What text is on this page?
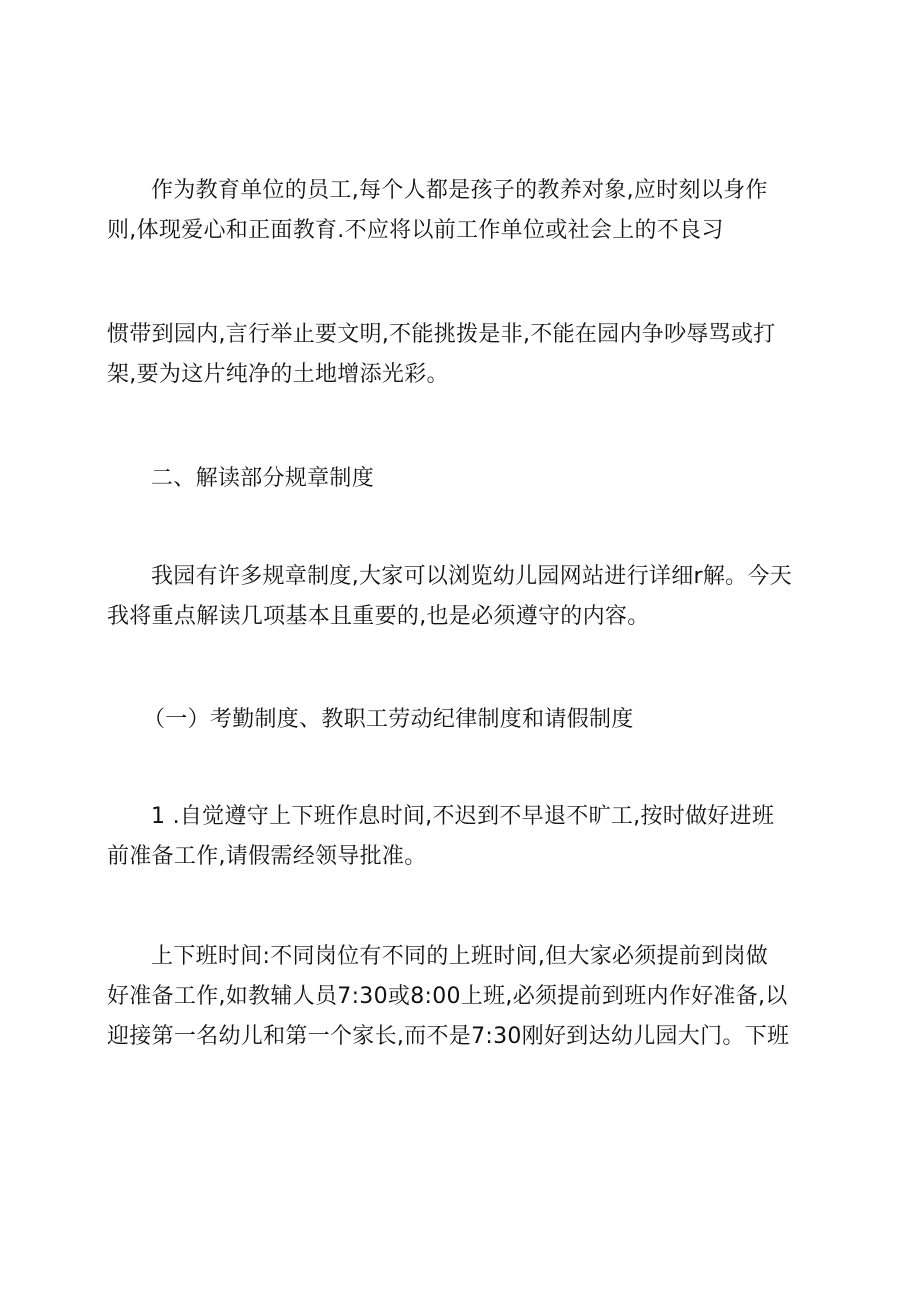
作为教育单位的员工,每个人都是孩子的教养对象,应时刻以身作
则,体现爱心和正面教育.不应将以前工作单位或社会上的不良习
惯带到园内,言行举止要文明,不能挑拨是非,不能在园内争吵辱骂或打
架,要为这片纯净的土地增添光彩。
二、解读部分规章制度
我园有许多规章制度,大家可以浏览幼儿园网站进行详细r解。今天
我将重点解读几项基本且重要的,也是必须遵守的内容。
（一）考勤制度、教职工劳动纪律制度和请假制度
1 .自觉遵守上下班作息时间,不迟到不早退不旷工,按时做好进班
前准备工作,请假需经领导批准。
上下班时间:不同岗位有不同的上班时间,但大家必须提前到岗做
好准备工作,如教辅人员7:30或8:00上班,必须提前到班内作好准备,以
迎接第一名幼儿和第一个家长,而不是7:30刚好到达幼儿园大门。下班
